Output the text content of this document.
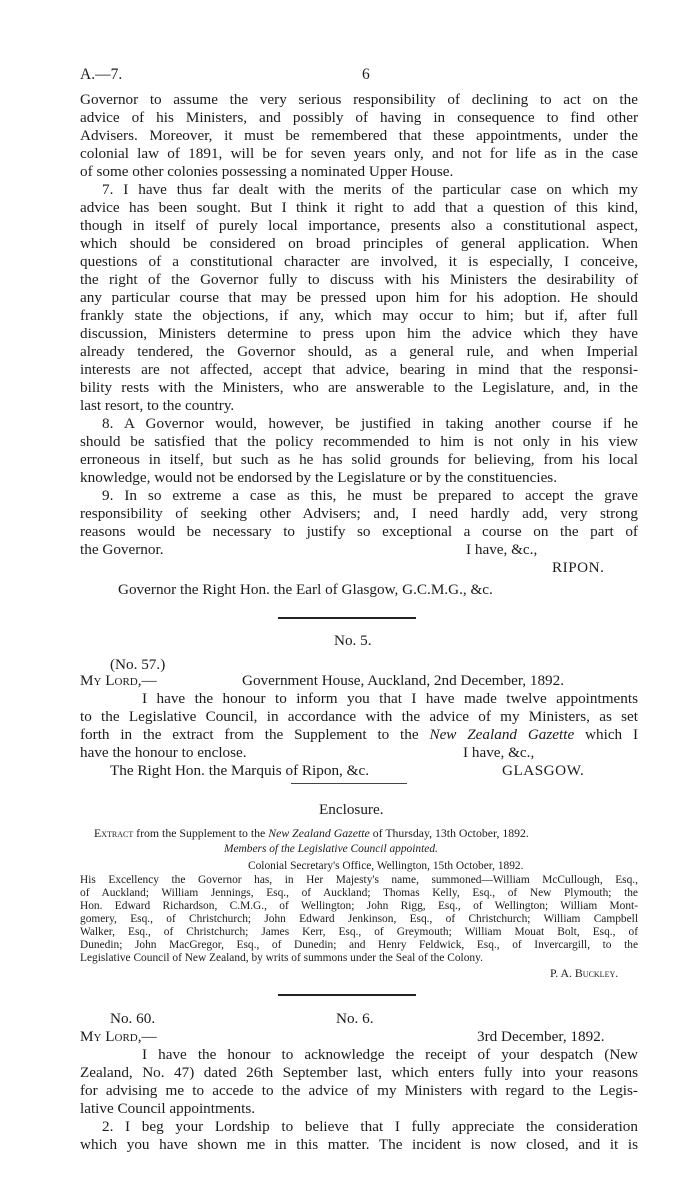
A.—7.	6
Governor to assume the very serious responsibility of declining to act on the
advice of his Ministers, and possibly of having in consequence to find other
Advisers. Moreover, it must be remembered that these appointments, under the
colonial law of 1891, will be for seven years only, and not for life as in the case
of some other colonies possessing a nominated Upper House.
7. I have thus far dealt with the merits of the particular case on which my
advice has been sought. But I think it right to add that a question of this kind,
though in itself of purely local importance, presents also a constitutional aspect,
which should be considered on broad principles of general application. When
questions of a constitutional character are involved, it is especially, I conceive,
the right of the Governor fully to discuss with his Ministers the desirability of
any particular course that may be pressed upon him for his adoption. He should
frankly state the objections, if any, which may occur to him; but if, after full
discussion, Ministers determine to press upon him the advice which they have
already tendered, the Governor should, as a general rule, and when Imperial
interests are not affected, accept that advice, bearing in mind that the responsi-
bility rests with the Ministers, who are answerable to the Legislature, and, in the
last resort, to the country.
8. A Governor would, however, be justified in taking another course if he
should be satisfied that the policy recommended to him is not only in his view
erroneous in itself, but such as he has solid grounds for believing, from his local
knowledge, would not be endorsed by the Legislature or by the constituencies.
9. In so extreme a case as this, he must be prepared to accept the grave
responsibility of seeking other Advisers; and, I need hardly add, very strong
reasons would be necessary to justify so exceptional a course on the part of
the Governor.	I have, &c.,
RIPON.
Governor the Right Hon. the Earl of Glasgow, G.C.M.G., &c.
No. 5.
(No. 57.)
My Lord,—	Government House, Auckland, 2nd December, 1892.
I have the honour to inform you that I have made twelve appointments
to the Legislative Council, in accordance with the advice of my Ministers, as set
forth in the extract from the Supplement to the New Zealand Gazette which I
have the honour to enclose.	I have, &c.,
The Right Hon. the Marquis of Ripon, &c.	GLASGOW.
Enclosure.
Extract from the Supplement to the New Zealand Gazette of Thursday, 13th October, 1892.
Members of the Legislative Council appointed.
Colonial Secretary's Office, Wellington, 15th October, 1892.
His Excellency the Governor has, in Her Majesty's name, summoned—William McCullough, Esq.,
of Auckland; William Jennings, Esq., of Auckland; Thomas Kelly, Esq., of New Plymouth; the
Hon. Edward Richardson, C.M.G., of Wellington; John Rigg, Esq., of Wellington; William Mont-
gomery, Esq., of Christchurch; John Edward Jenkinson, Esq., of Christchurch; William Campbell
Walker, Esq., of Christchurch; James Kerr, Esq., of Greymouth; William Mouat Bolt, Esq., of
Dunedin; John MacGregor, Esq., of Dunedin; and Henry Feldwick, Esq., of Invercargill, to the
Legislative Council of New Zealand, by writs of summons under the Seal of the Colony.
P. A. Buckley.
No. 60.	No. 6.
My Lord,—	3rd December, 1892.
I have the honour to acknowledge the receipt of your despatch (New
Zealand, No. 47) dated 26th September last, which enters fully into your reasons
for advising me to accede to the advice of my Ministers with regard to the Legis-
lative Council appointments.
2. I beg your Lordship to believe that I fully appreciate the consideration
which you have shown me in this matter. The incident is now closed, and it is
